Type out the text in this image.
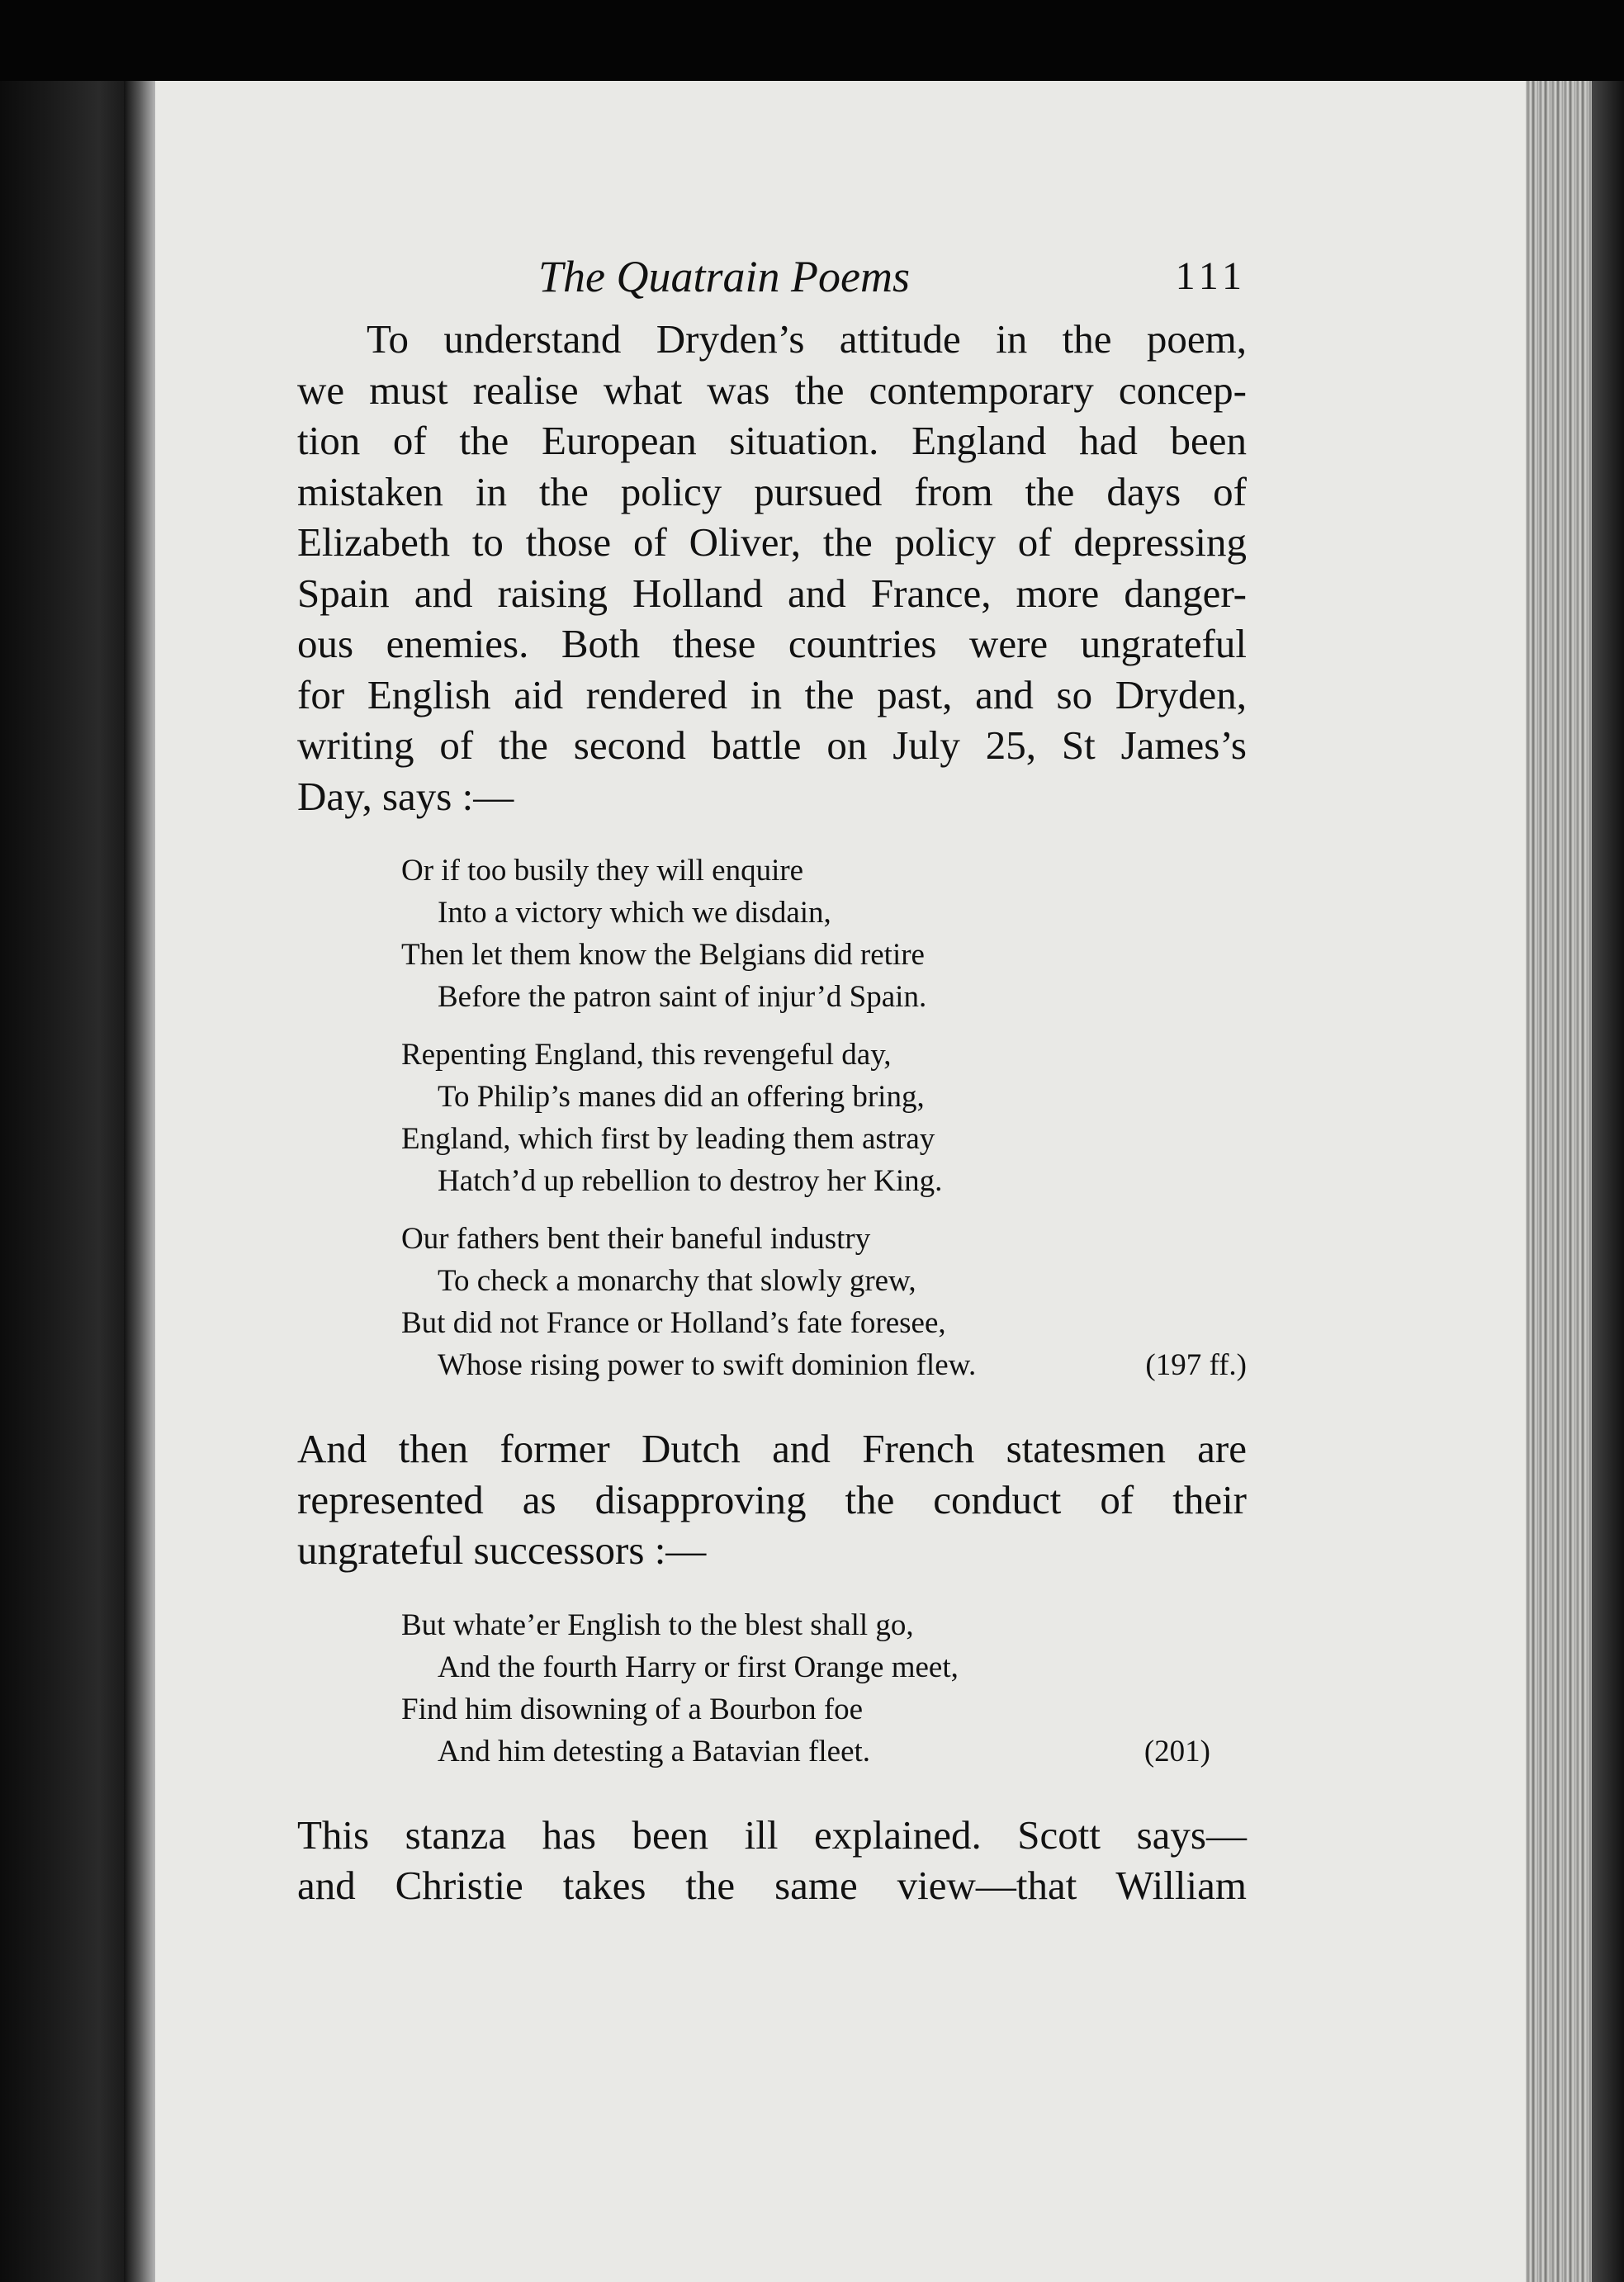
The Quatrain Poems	111
To understand Dryden’s attitude in the poem,
we must realise what was the contemporary concep-
tion of the European situation. England had been
mistaken in the policy pursued from the days of
Elizabeth to those of Oliver, the policy of depressing
Spain and raising Holland and France, more danger-
ous enemies. Both these countries were ungrateful
for English aid rendered in the past, and so Dryden,
writing of the second battle on July 25, St James’s
Day, says :—
Or if too busily they will enquire
Into a victory which we disdain,
Then let them know the Belgians did retire
Before the patron saint of injur’d Spain.
Repenting England, this revengeful day,
To Philip’s manes did an offering bring,
England, which first by leading them astray
Hatch’d up rebellion to destroy her King.
Our fathers bent their baneful industry
To check a monarchy that slowly grew,
But did not France or Holland’s fate foresee,
Whose rising power to swift dominion flew.	(197 ff.)
And then former Dutch and French statesmen are
represented as disapproving the conduct of their
ungrateful successors :—
But whate’er English to the blest shall go,
And the fourth Harry or first Orange meet,
Find him disowning of a Bourbon foe
And him detesting a Batavian fleet.	(201)
This stanza has been ill explained. Scott says—
and Christie takes the same view—that William
